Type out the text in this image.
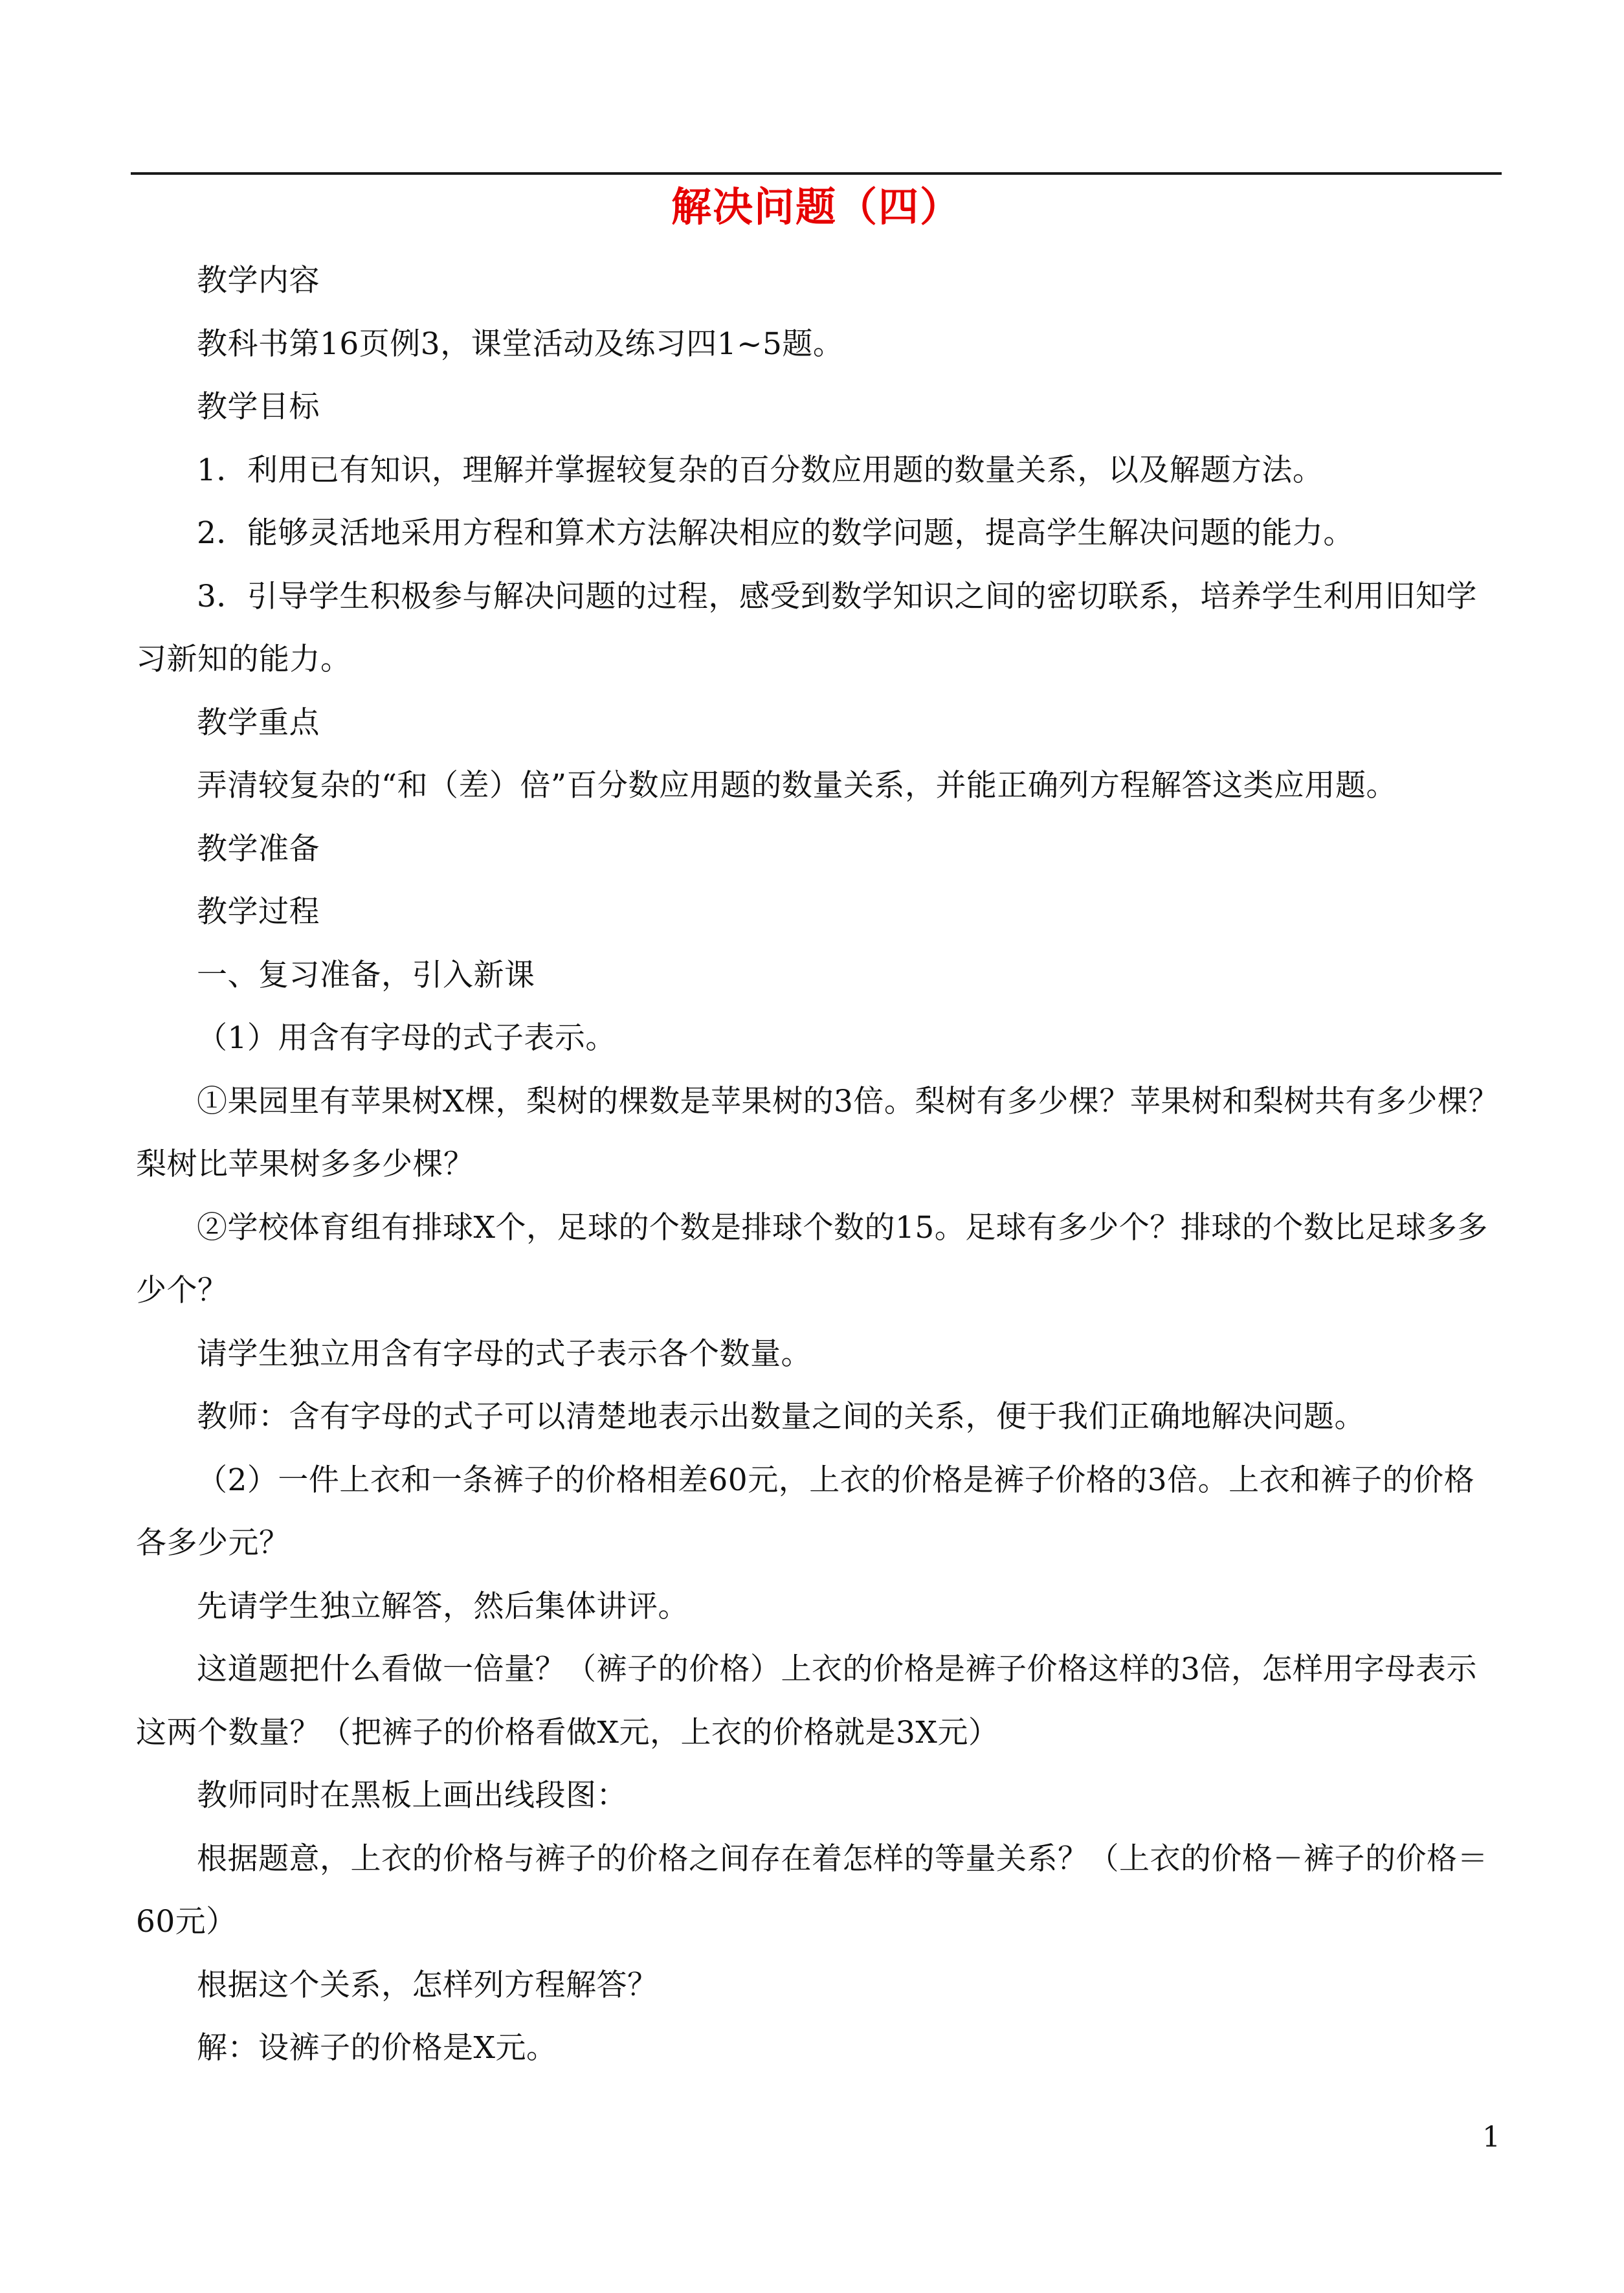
解决问题（四）

教学内容

教科书第16页例3，课堂活动及练习四1~5题。

教学目标

1．利用已有知识，理解并掌握较复杂的百分数应用题的数量关系，以及解题方法。

2．能够灵活地采用方程和算术方法解决相应的数学问题，提高学生解决问题的能力。

3．引导学生积极参与解决问题的过程，感受到数学知识之间的密切联系，培养学生利用旧知学习新知的能力。

教学重点

弄清较复杂的“和（差）倍”百分数应用题的数量关系，并能正确列方程解答这类应用题。

教学准备

教学过程

一、复习准备，引入新课

（1）用含有字母的式子表示。

①果园里有苹果树X棵，梨树的棵数是苹果树的3倍。梨树有多少棵？苹果树和梨树共有多少棵？梨树比苹果树多多少棵？

②学校体育组有排球X个，足球的个数是排球个数的15。足球有多少个？排球的个数比足球多多少个？

请学生独立用含有字母的式子表示各个数量。

教师：含有字母的式子可以清楚地表示出数量之间的关系，便于我们正确地解决问题。

（2）一件上衣和一条裤子的价格相差60元，上衣的价格是裤子价格的3倍。上衣和裤子的价格各多少元？

先请学生独立解答，然后集体讲评。

这道题把什么看做一倍量？（裤子的价格）上衣的价格是裤子价格这样的3倍，怎样用字母表示这两个数量？（把裤子的价格看做X元，上衣的价格就是3X元）

教师同时在黑板上画出线段图：

根据题意，上衣的价格与裤子的价格之间存在着怎样的等量关系？（上衣的价格－裤子的价格＝60元）

根据这个关系，怎样列方程解答？

解：设裤子的价格是X元。

1
